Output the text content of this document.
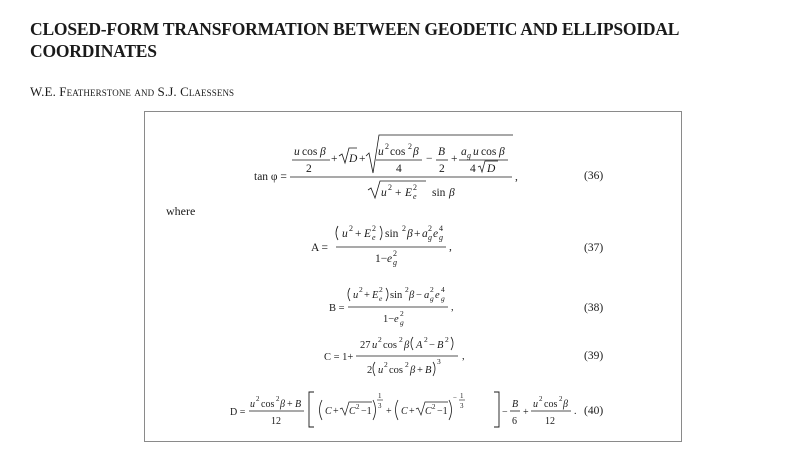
CLOSED-FORM TRANSFORMATION BETWEEN GEODETIC AND ELLIPSOIDAL COORDINATES
W.E. Featherstone and S.J. Claessens
(36)
tan φ =
u cos β
2
+ D +
u 2 cos 2 β
4
−
B
2
+
a g u cos β
4 D
,
u 2 + E 2
e sin β
where
(37)
A =
u 2 + E 2
e sin 2 β + a 2
g e 4
g
,
1− e 2
g
(38)
B =
u
2
+ E
2
e sin
2
β − a
2
g e
4
g
,
1− e
2
g
(39)
C = 1+
27 u
2
cos
2
β A
2
− B
2
,
2 u
2
cos
2
β + B
3
(40)
D =
u 2 cos 2 β + B
12
C + C 2 −1
1
3 + C + C 2 −1
− 1
3
−
B
6
+
u 2 cos 2 β
12
.
